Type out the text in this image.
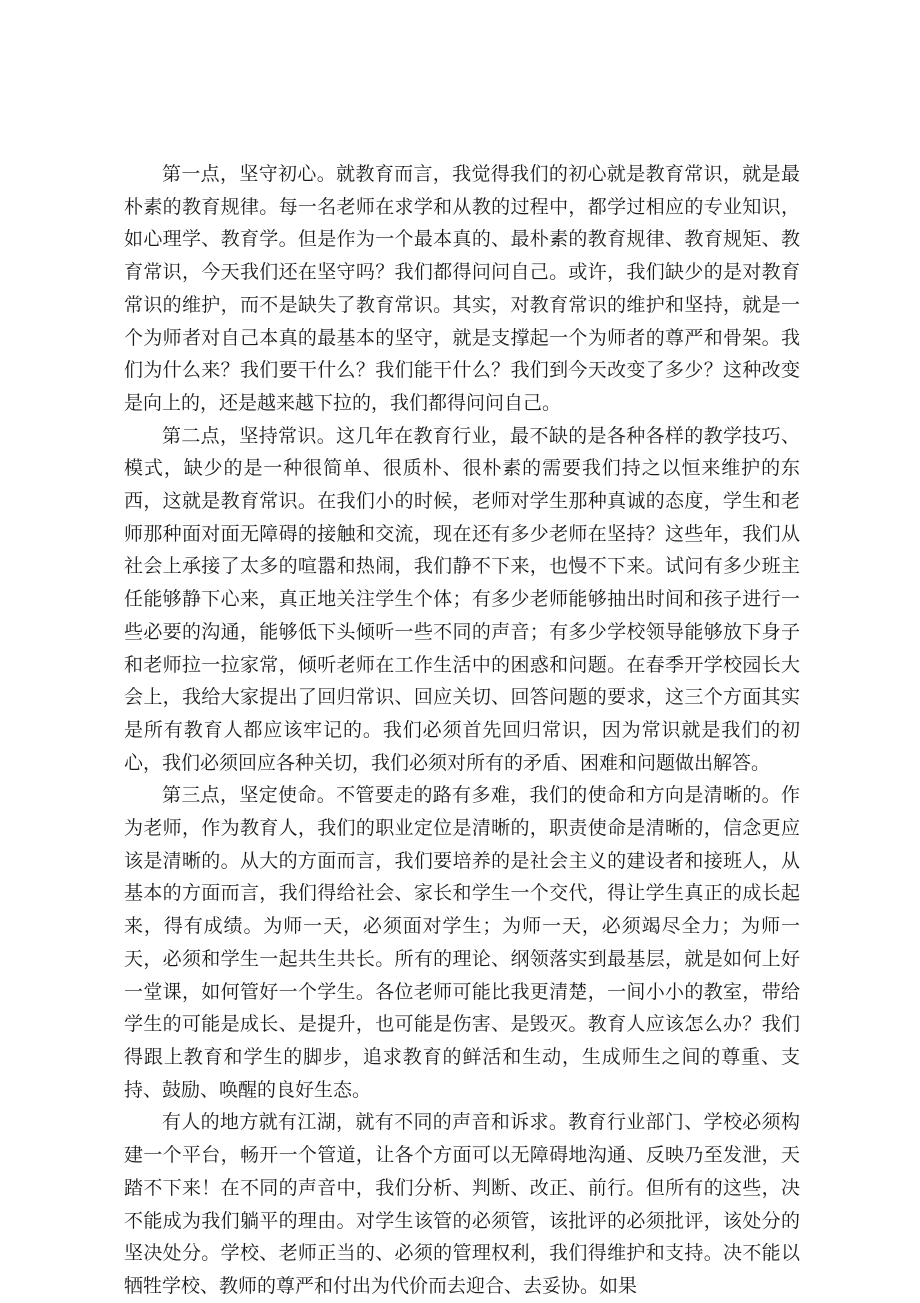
第一点，坚守初心。就教育而言，我觉得我们的初心就是教育常识，就是最朴素的教育规律。每一名老师在求学和从教的过程中，都学过相应的专业知识，如心理学、教育学。但是作为一个最本真的、最朴素的教育规律、教育规矩、教育常识，今天我们还在坚守吗？我们都得问问自己。或许，我们缺少的是对教育常识的维护，而不是缺失了教育常识。其实，对教育常识的维护和坚持，就是一个为师者对自己本真的最基本的坚守，就是支撑起一个为师者的尊严和骨架。我们为什么来？我们要干什么？我们能干什么？我们到今天改变了多少？这种改变是向上的，还是越来越下拉的，我们都得问问自己。

第二点，坚持常识。这几年在教育行业，最不缺的是各种各样的教学技巧、模式，缺少的是一种很简单、很质朴、很朴素的需要我们持之以恒来维护的东西，这就是教育常识。在我们小的时候，老师对学生那种真诚的态度，学生和老师那种面对面无障碍的接触和交流，现在还有多少老师在坚持？这些年，我们从社会上承接了太多的喧嚣和热闹，我们静不下来，也慢不下来。试问有多少班主任能够静下心来，真正地关注学生个体；有多少老师能够抽出时间和孩子进行一些必要的沟通，能够低下头倾听一些不同的声音；有多少学校领导能够放下身子和老师拉一拉家常，倾听老师在工作生活中的困惑和问题。在春季开学校园长大会上，我给大家提出了回归常识、回应关切、回答问题的要求，这三个方面其实是所有教育人都应该牢记的。我们必须首先回归常识，因为常识就是我们的初心，我们必须回应各种关切，我们必须对所有的矛盾、困难和问题做出解答。

第三点，坚定使命。不管要走的路有多难，我们的使命和方向是清晰的。作为老师，作为教育人，我们的职业定位是清晰的，职责使命是清晰的，信念更应该是清晰的。从大的方面而言，我们要培养的是社会主义的建设者和接班人，从基本的方面而言，我们得给社会、家长和学生一个交代，得让学生真正的成长起来，得有成绩。为师一天，必须面对学生；为师一天，必须竭尽全力；为师一天，必须和学生一起共生共长。所有的理论、纲领落实到最基层，就是如何上好一堂课，如何管好一个学生。各位老师可能比我更清楚，一间小小的教室，带给学生的可能是成长、是提升，也可能是伤害、是毁灭。教育人应该怎么办？我们得跟上教育和学生的脚步，追求教育的鲜活和生动，生成师生之间的尊重、支持、鼓励、唤醒的良好生态。

有人的地方就有江湖，就有不同的声音和诉求。教育行业部门、学校必须构建一个平台，畅开一个管道，让各个方面可以无障碍地沟通、反映乃至发泄，天踏不下来！在不同的声音中，我们分析、判断、改正、前行。但所有的这些，决不能成为我们躺平的理由。对学生该管的必须管，该批评的必须批评，该处分的坚决处分。学校、老师正当的、必须的管理权利，我们得维护和支持。决不能以牺牲学校、教师的尊严和付出为代价而去迎合、去妥协。如果
